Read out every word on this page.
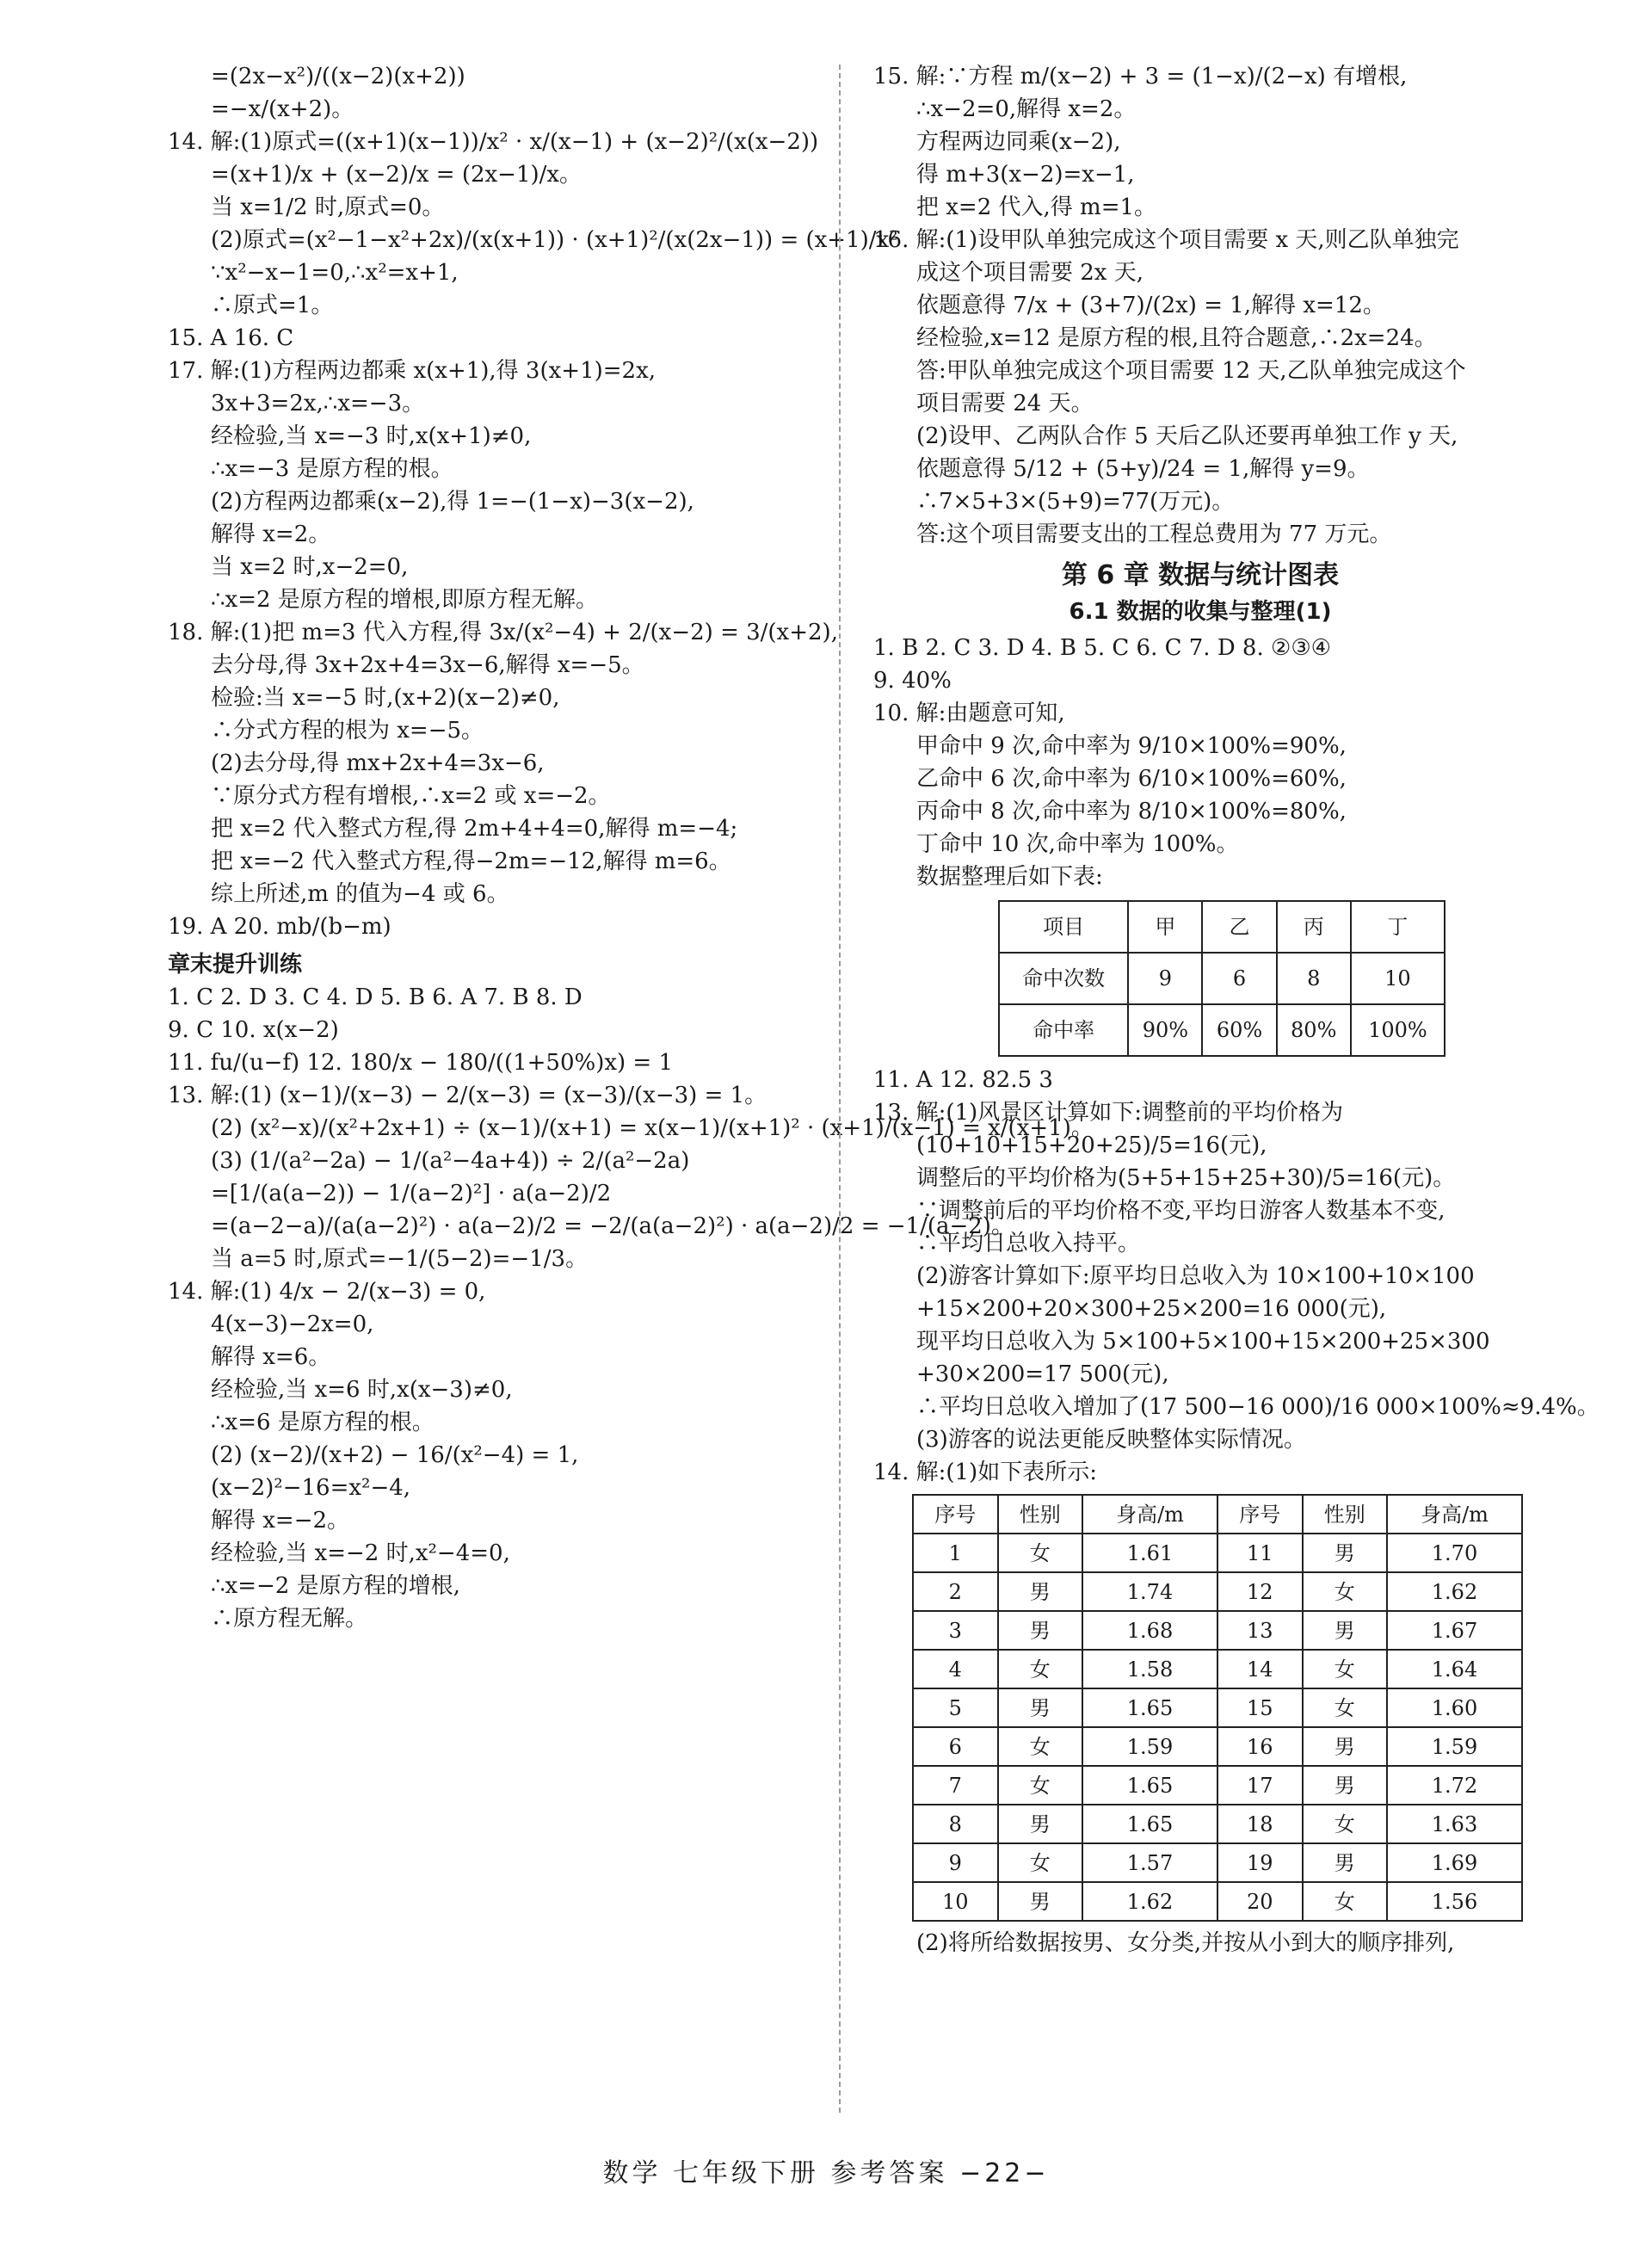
=(2x−x²)/((x−2)(x+2))
=−x/(x+2)。
14. 解:(1)原式=((x+1)(x−1))/x² · x/(x−1) + (x−2)²/(x(x−2))
=(x+1)/x + (x−2)/x = (2x−1)/x。
当 x=1/2 时,原式=0。
(2)原式=(x²−1−x²+2x)/(x(x+1)) · (x+1)²/(x(2x−1)) = (x+1)/x²
∵x²−x−1=0,∴x²=x+1,
∴原式=1。
15. A 16. C
17. 解:(1)方程两边都乘 x(x+1),得 3(x+1)=2x,
3x+3=2x,∴x=−3。
经检验,当 x=−3 时,x(x+1)≠0,
∴x=−3 是原方程的根。
(2)方程两边都乘(x−2),得 1=−(1−x)−3(x−2),
解得 x=2。
当 x=2 时,x−2=0,
∴x=2 是原方程的增根,即原方程无解。
18. 解:(1)把 m=3 代入方程,得 3x/(x²−4) + 2/(x−2) = 3/(x+2),
去分母,得 3x+2x+4=3x−6,解得 x=−5。
检验:当 x=−5 时,(x+2)(x−2)≠0,
∴分式方程的根为 x=−5。
(2)去分母,得 mx+2x+4=3x−6,
∵原分式方程有增根,∴x=2 或 x=−2。
把 x=2 代入整式方程,得 2m+4+4=0,解得 m=−4;
把 x=−2 代入整式方程,得−2m=−12,解得 m=6。
综上所述,m 的值为−4 或 6。
19. A 20. mb/(b−m)
章末提升训练
1. C 2. D 3. C 4. D 5. B 6. A 7. B 8. D
9. C 10. x(x−2)
11. fu/(u−f) 12. 180/x − 180/((1+50%)x) = 1
13. 解:(1) (x−1)/(x−3) − 2/(x−3) = (x−3)/(x−3) = 1。
(2) (x²−x)/(x²+2x+1) ÷ (x−1)/(x+1) = x(x−1)/(x+1)² · (x+1)/(x−1) = x/(x+1)。
(3) (1/(a²−2a) − 1/(a²−4a+4)) ÷ 2/(a²−2a)
=[1/(a(a−2)) − 1/(a−2)²] · a(a−2)/2
=(a−2−a)/(a(a−2)²) · a(a−2)/2 = −2/(a(a−2)²) · a(a−2)/2 = −1/(a−2)。
当 a=5 时,原式=−1/(5−2)=−1/3。
14. 解:(1) 4/x − 2/(x−3) = 0,
4(x−3)−2x=0,
解得 x=6。
经检验,当 x=6 时,x(x−3)≠0,
∴x=6 是原方程的根。
(2) (x−2)/(x+2) − 16/(x²−4) = 1,
(x−2)²−16=x²−4,
解得 x=−2。
经检验,当 x=−2 时,x²−4=0,
∴x=−2 是原方程的增根,
∴原方程无解。
15. 解:∵方程 m/(x−2) + 3 = (1−x)/(2−x) 有增根,
∴x−2=0,解得 x=2。
方程两边同乘(x−2),
得 m+3(x−2)=x−1,
把 x=2 代入,得 m=1。
16. 解:(1)设甲队单独完成这个项目需要 x 天,则乙队单独完
成这个项目需要 2x 天,
依题意得 7/x + (3+7)/(2x) = 1,解得 x=12。
经检验,x=12 是原方程的根,且符合题意,∴2x=24。
答:甲队单独完成这个项目需要 12 天,乙队单独完成这个
项目需要 24 天。
(2)设甲、乙两队合作 5 天后乙队还要再单独工作 y 天,
依题意得 5/12 + (5+y)/24 = 1,解得 y=9。
∴7×5+3×(5+9)=77(万元)。
答:这个项目需要支出的工程总费用为 77 万元。
第 6 章 数据与统计图表
6.1 数据的收集与整理(1)
1. B 2. C 3. D 4. B 5. C 6. C 7. D 8. ②③④
9. 40%
10. 解:由题意可知,
甲命中 9 次,命中率为 9/10×100%=90%,
乙命中 6 次,命中率为 6/10×100%=60%,
丙命中 8 次,命中率为 8/10×100%=80%,
丁命中 10 次,命中率为 100%。
数据整理后如下表:
项目	甲	乙	丙	丁
命中次数	9	6	8	10
命中率	90%	60%	80%	100%
11. A 12. 82.5 3
13. 解:(1)风景区计算如下:调整前的平均价格为
(10+10+15+20+25)/5=16(元),
调整后的平均价格为(5+5+15+25+30)/5=16(元)。
∵调整前后的平均价格不变,平均日游客人数基本不变,
∴平均日总收入持平。
(2)游客计算如下:原平均日总收入为 10×100+10×100
+15×200+20×300+25×200=16 000(元),
现平均日总收入为 5×100+5×100+15×200+25×300
+30×200=17 500(元),
∴平均日总收入增加了(17 500−16 000)/16 000×100%≈9.4%。
(3)游客的说法更能反映整体实际情况。
14. 解:(1)如下表所示:
序号	性别	身高/m	序号	性别	身高/m
1	女	1.61	11	男	1.70
2	男	1.74	12	女	1.62
3	男	1.68	13	男	1.67
4	女	1.58	14	女	1.64
5	男	1.65	15	女	1.60
6	女	1.59	16	男	1.59
7	女	1.65	17	男	1.72
8	男	1.65	18	女	1.63
9	女	1.57	19	男	1.69
10	男	1.62	20	女	1.56
(2)将所给数据按男、女分类,并按从小到大的顺序排列,
数学 七年级下册 参考答案 −22−
